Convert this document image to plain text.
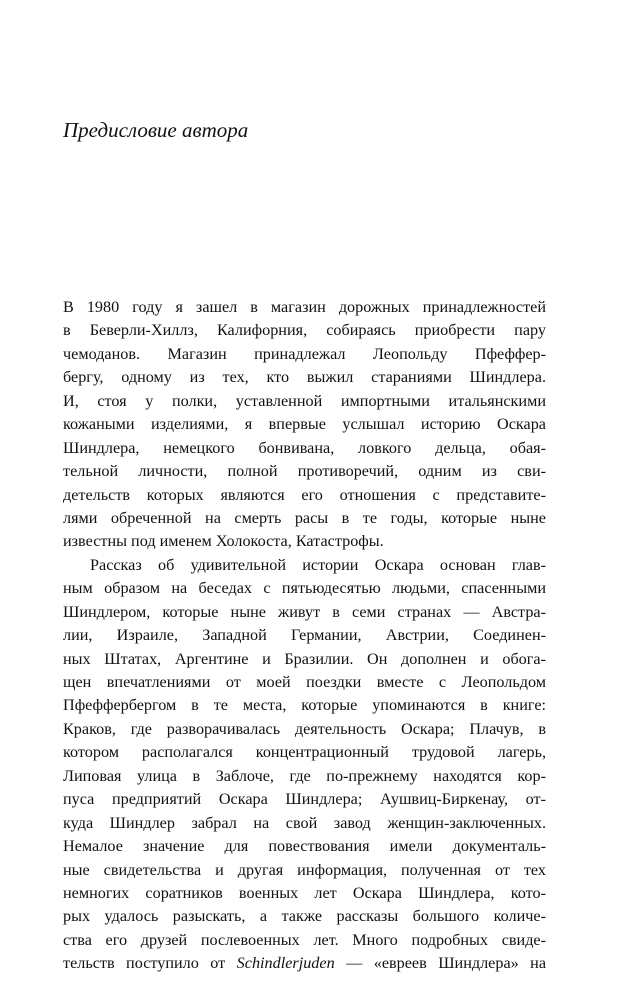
Предисловие автора
В 1980 году я зашел в магазин дорожных принадлежностей
в Беверли-Хиллз, Калифорния, собираясь приобрести пару
чемоданов. Магазин принадлежал Леопольду Пфеффер-
бергу, одному из тех, кто выжил стараниями Шиндлера.
И, стоя у полки, уставленной импортными итальянскими
кожаными изделиями, я впервые услышал историю Оскара
Шиндлера, немецкого бонвивана, ловкого дельца, обая-
тельной личности, полной противоречий, одним из сви-
детельств которых являются его отношения с представите-
лями обреченной на смерть расы в те годы, которые ныне
известны под именем Холокоста, Катастрофы.
Рассказ об удивительной истории Оскара основан глав-
ным образом на беседах с пятьюдесятью людьми, спасенными
Шиндлером, которые ныне живут в семи странах — Австра-
лии, Израиле, Западной Германии, Австрии, Соединен-
ных Штатах, Аргентине и Бразилии. Он дополнен и обога-
щен впечатлениями от моей поездки вместе с Леопольдом
Пфеффербергом в те места, которые упоминаются в книге:
Краков, где разворачивалась деятельность Оскара; Плачув, в
котором располагался концентрационный трудовой лагерь,
Липовая улица в Заблоче, где по-прежнему находятся кор-
пуса предприятий Оскара Шиндлера; Аушвиц-Биркенау, от-
куда Шиндлер забрал на свой завод женщин-заключенных.
Немалое значение для повествования имели документаль-
ные свидетельства и другая информация, полученная от тех
немногих соратников военных лет Оскара Шиндлера, кото-
рых удалось разыскать, а также рассказы большого количе-
ства его друзей послевоенных лет. Много подробных свиде-
тельств поступило от Schindlerjuden — «евреев Шиндлера» на
